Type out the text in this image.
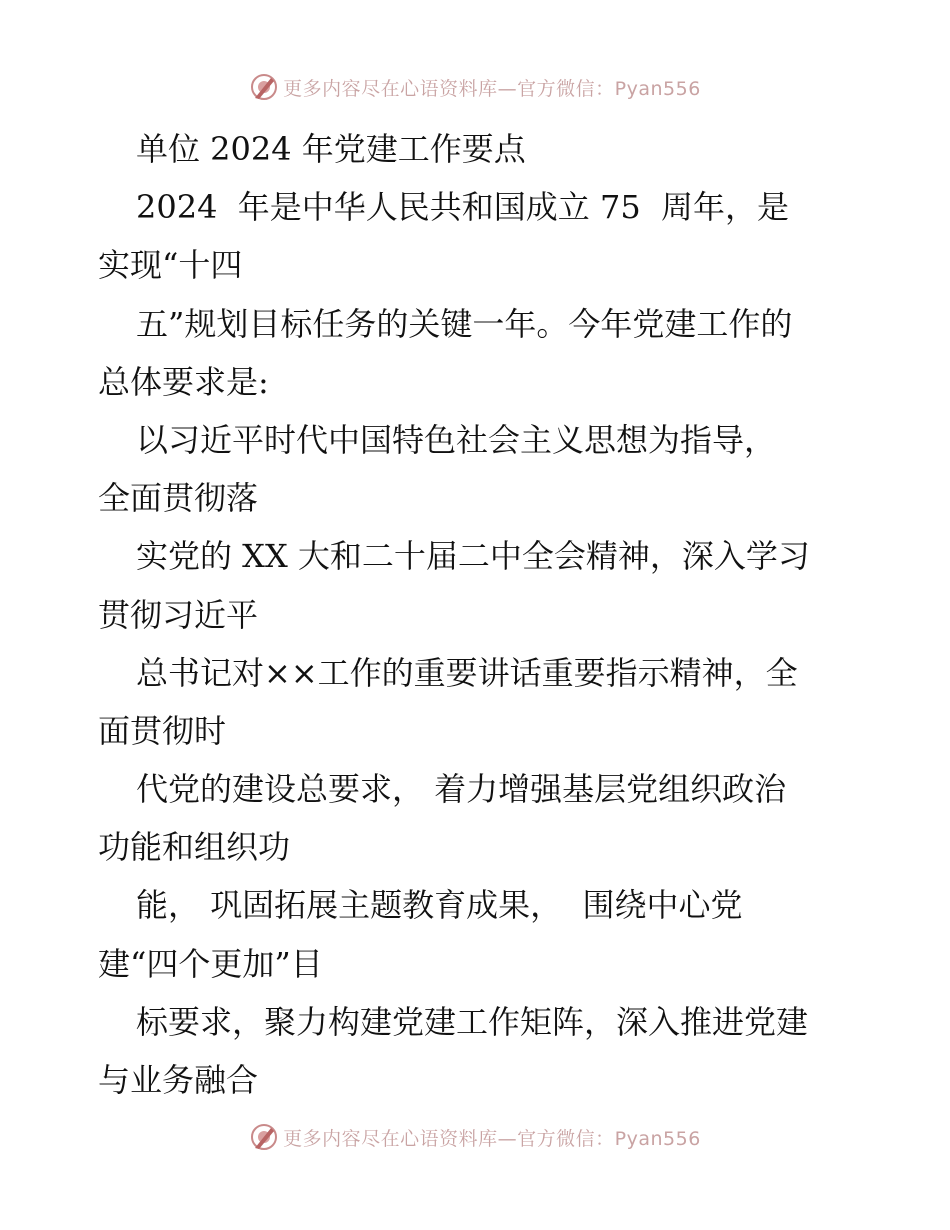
更多内容尽在心语资料库—官方微信：Pyan556

单位 2024 年党建工作要点

2024  年是中华人民共和国成立 75  周年，是

实现“十四

五”规划目标任务的关键一年。今年党建工作的

总体要求是:

以习近平时代中国特色社会主义思想为指导，

全面贯彻落

实党的 XX 大和二十届二中全会精神，深入学习

贯彻习近平

总书记对××工作的重要讲话重要指示精神，全

面贯彻时

代党的建设总要求， 着力增强基层党组织政治

功能和组织功

能， 巩固拓展主题教育成果，  围绕中心党

建“四个更加”目

标要求，聚力构建党建工作矩阵，深入推进党建

与业务融合

更多内容尽在心语资料库—官方微信：Pyan556
